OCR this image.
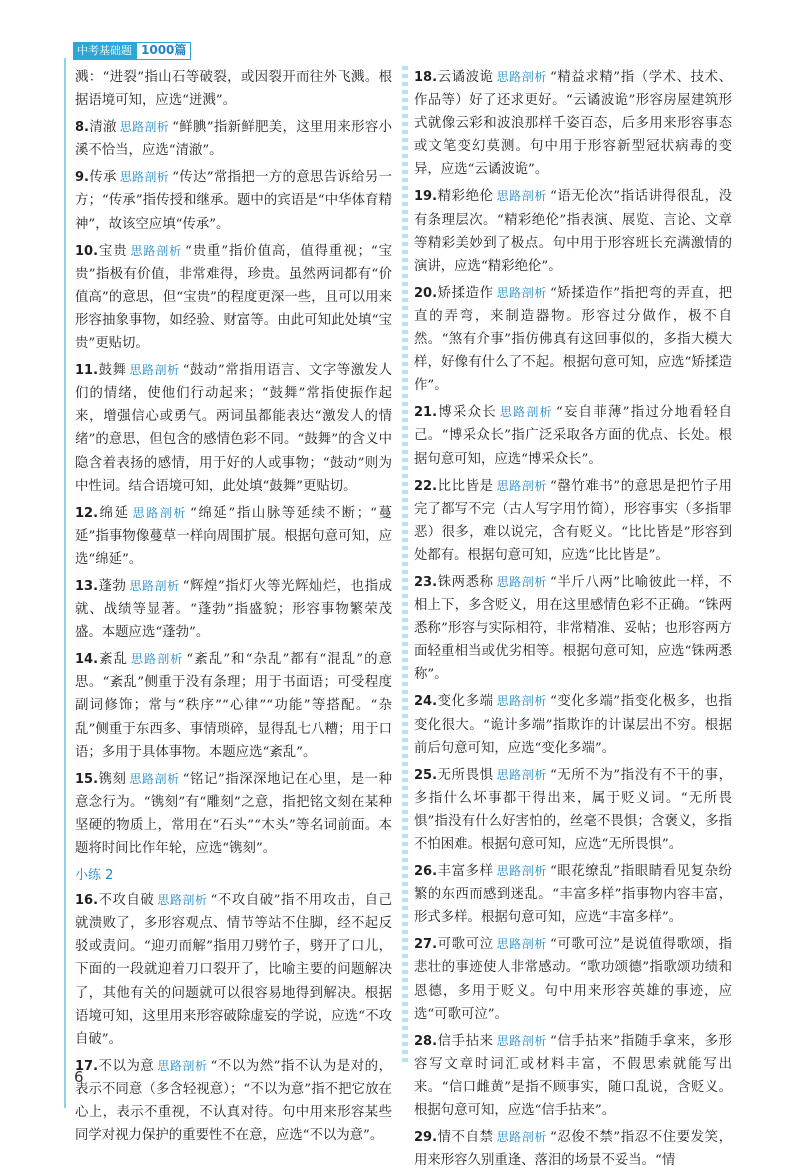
中考基础题 1000篇
溅：“进裂”指山石等破裂，或因裂开而往外飞溅。根据语境可知，应选“迸溅”。
8.清澈 思路剖析 “鲜腆”指新鲜肥美，这里用来形容小溪不恰当，应选“清澈”。
9.传承 思路剖析 “传达”常指把一方的意思告诉给另一方；“传承”指传授和继承。题中的宾语是“中华体育精神”，故该空应填“传承”。
10.宝贵 思路剖析 “贵重”指价值高，值得重视；“宝贵”指极有价值，非常难得，珍贵。虽然两词都有“价值高”的意思，但“宝贵”的程度更深一些，且可以用来形容抽象事物，如经验、财富等。由此可知此处填“宝贵”更贴切。
11.鼓舞 思路剖析 “鼓动”常指用语言、文字等激发人们的情绪，使他们行动起来；“鼓舞”常指使振作起来，增强信心或勇气。两词虽都能表达“激发人的情绪”的意思，但包含的感情色彩不同。“鼓舞”的含义中隐含着表扬的感情，用于好的人或事物；“鼓动”则为中性词。结合语境可知，此处填“鼓舞”更贴切。
12.绵延 思路剖析 “绵延”指山脉等延续不断；“蔓延”指事物像蔓草一样向周围扩展。根据句意可知，应选“绵延”。
13.蓬勃 思路剖析 “辉煌”指灯火等光辉灿烂，也指成就、战绩等显著。“蓬勃”指盛貌；形容事物繁荣茂盛。本题应选“蓬勃”。
14.紊乱 思路剖析 “紊乱”和“杂乱”都有“混乱”的意思。“紊乱”侧重于没有条理；用于书面语；可受程度副词修饰；常与“秩序”“心律”“功能”等搭配。“杂乱”侧重于东西多、事情琐碎，显得乱七八糟；用于口语；多用于具体事物。本题应选“紊乱”。
15.镌刻 思路剖析 “铭记”指深深地记在心里，是一种意念行为。“镌刻”有“雕刻”之意，指把铭文刻在某种坚硬的物质上，常用在“石头”“木头”等名词前面。本题将时间比作年轮，应选“镌刻”。
小练 2
16.不攻自破 思路剖析 “不攻自破”指不用攻击，自己就溃败了，多形容观点、情节等站不住脚，经不起反驳或责问。“迎刃而解”指用刀劈竹子，劈开了口儿，下面的一段就迎着刀口裂开了，比喻主要的问题解决了，其他有关的问题就可以很容易地得到解决。根据语境可知，这里用来形容破除虚妄的学说，应选“不攻自破”。
17.不以为意 思路剖析 “不以为然”指不认为是对的，表示不同意（多含轻视意）；“不以为意”指不把它放在心上，表示不重视，不认真对待。句中用来形容某些同学对视力保护的重要性不在意，应选“不以为意”。
18.云谲波诡 思路剖析 “精益求精”指（学术、技术、作品等）好了还求更好。“云谲波诡”形容房屋建筑形式就像云彩和波浪那样千姿百态，后多用来形容事态或文笔变幻莫测。句中用于形容新型冠状病毒的变异，应选“云谲波诡”。
19.精彩绝伦 思路剖析 “语无伦次”指话讲得很乱，没有条理层次。“精彩绝伦”指表演、展览、言论、文章等精彩美妙到了极点。句中用于形容班长充满激情的演讲，应选“精彩绝伦”。
20.矫揉造作 思路剖析 “矫揉造作”指把弯的弄直，把直的弄弯，来制造器物。形容过分做作，极不自然。“煞有介事”指仿佛真有这回事似的，多指大模大样，好像有什么了不起。根据句意可知，应选“矫揉造作”。
21.博采众长 思路剖析 “妄自菲薄”指过分地看轻自己。“博采众长”指广泛采取各方面的优点、长处。根据句意可知，应选“博采众长”。
22.比比皆是 思路剖析 “罄竹难书”的意思是把竹子用完了都写不完（古人写字用竹简），形容事实（多指罪恶）很多，难以说完，含有贬义。“比比皆是”形容到处都有。根据句意可知，应选“比比皆是”。
23.铢两悉称 思路剖析 “半斤八两”比喻彼此一样，不相上下，多含贬义，用在这里感情色彩不正确。“铢两悉称”形容与实际相符，非常精准、妥帖；也形容两方面轻重相当或优劣相等。根据句意可知，应选“铢两悉称”。
24.变化多端 思路剖析 “变化多端”指变化极多，也指变化很大。“诡计多端”指欺诈的计谋层出不穷。根据前后句意可知，应选“变化多端”。
25.无所畏惧 思路剖析 “无所不为”指没有不干的事，多指什么坏事都干得出来，属于贬义词。“无所畏惧”指没有什么好害怕的，丝毫不畏惧；含褒义，多指不怕困难。根据句意可知，应选“无所畏惧”。
26.丰富多样 思路剖析 “眼花缭乱”指眼睛看见复杂纷繁的东西而感到迷乱。“丰富多样”指事物内容丰富，形式多样。根据句意可知，应选“丰富多样”。
27.可歌可泣 思路剖析 “可歌可泣”是说值得歌颂，指悲壮的事迹使人非常感动。“歌功颂德”指歌颂功绩和恩德，多用于贬义。句中用来形容英雄的事迹，应选“可歌可泣”。
28.信手拈来 思路剖析 “信手拈来”指随手拿来，多形容写文章时词汇或材料丰富，不假思索就能写出来。“信口雌黄”是指不顾事实，随口乱说，含贬义。根据句意可知，应选“信手拈来”。
29.情不自禁 思路剖析 “忍俊不禁”指忍不住要发笑，用来形容久别重逢、落泪的场景不妥当。“情
6
